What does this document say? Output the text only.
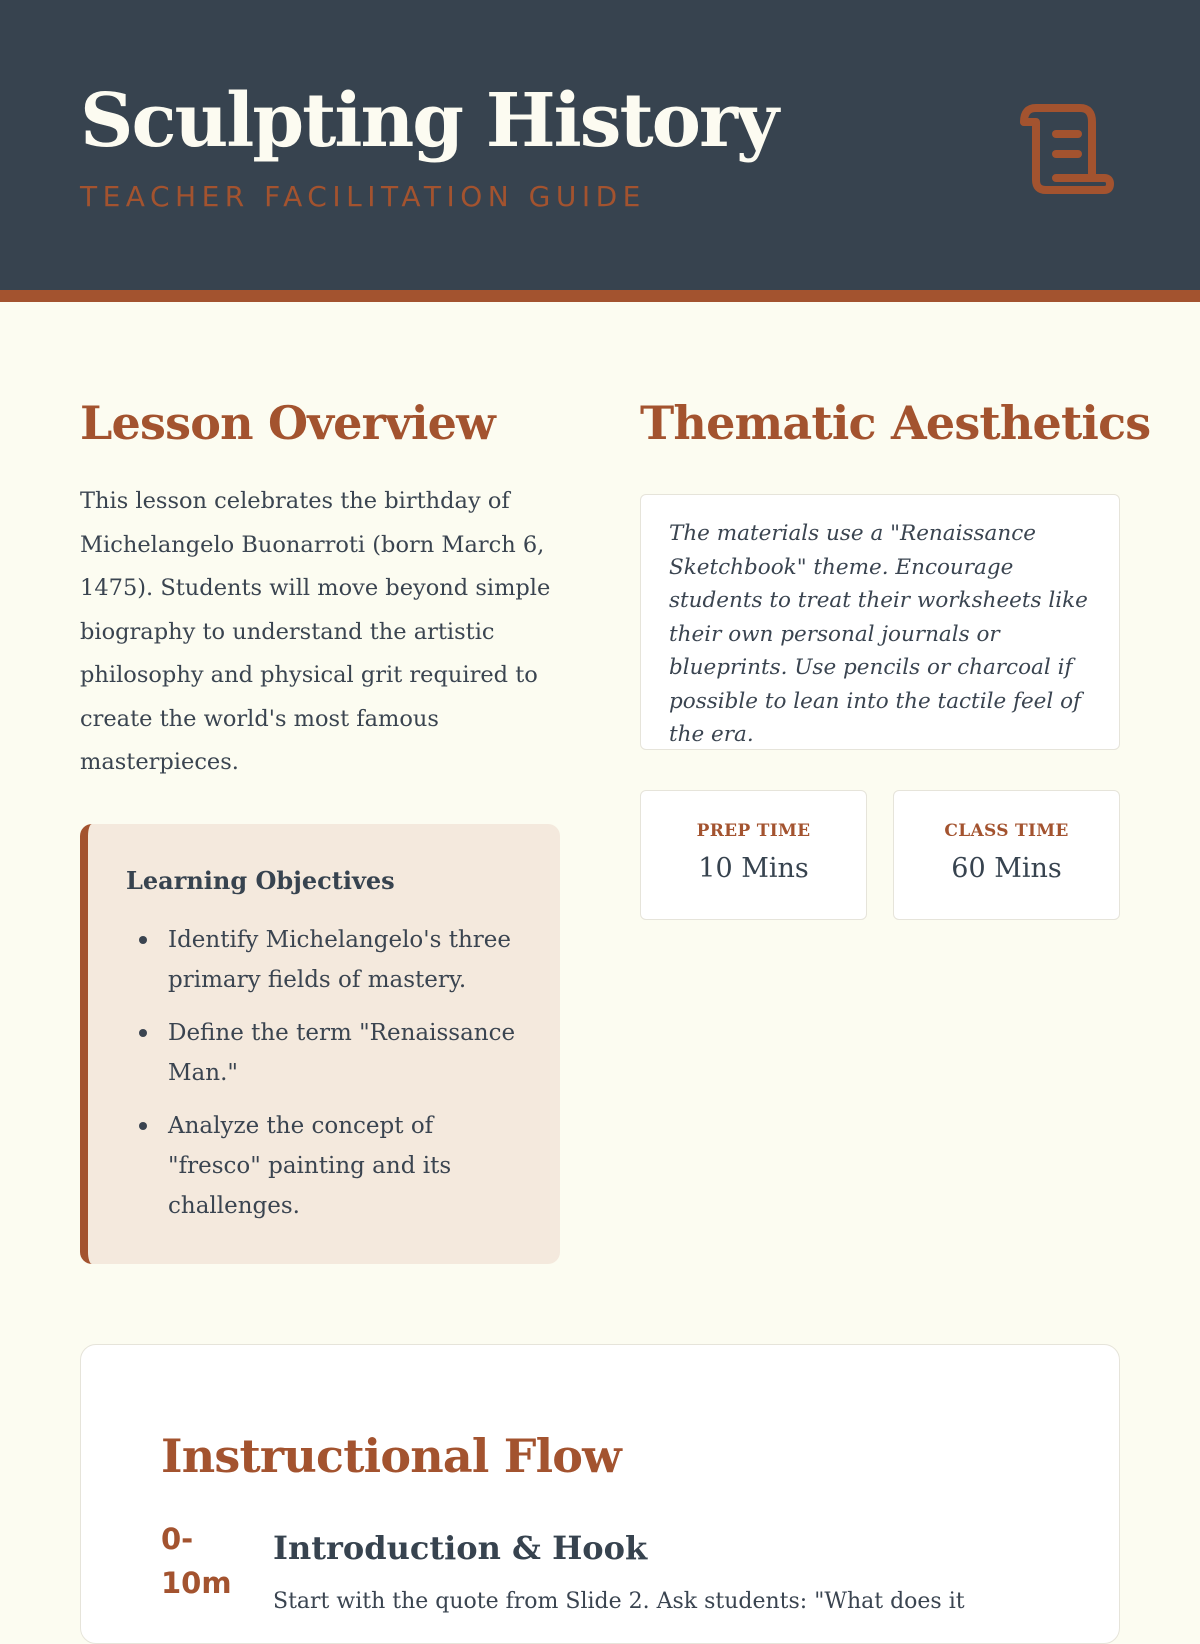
Sculpting History
TEACHER FACILITATION GUIDE
Lesson Overview

This lesson celebrates the birthday of Michelangelo Buonarroti (born March 6, 1475). Students will move beyond simple biography to understand the artistic philosophy and physical grit required to create the world's most famous masterpieces.

Learning Objectives
Identify Michelangelo's three primary fields of mastery.
Define the term "Renaissance Man."
Analyze the concept of "fresco" painting and its challenges.
Thematic Aesthetics

The materials use a "Renaissance Sketchbook" theme. Encourage students to treat their worksheets like their own personal journals or blueprints. Use pencils or charcoal if possible to lean into the tactile feel of the era.

PREP TIME
10 Mins
CLASS TIME
60 Mins
Instructional Flow
0-10m
Introduction & Hook
Start with the quote from Slide 2. Ask students: "What does it
